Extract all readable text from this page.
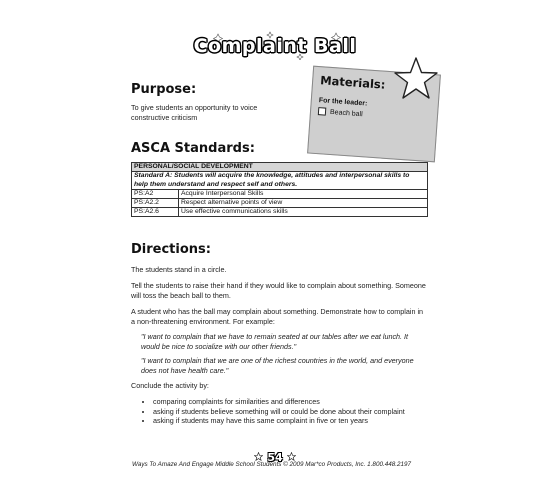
Complaint Ball
Purpose:
To give students an opportunity to voice constructive criticism
Materials:
For the leader:
Beach ball
ASCA Standards:
PERSONAL/SOCIAL DEVELOPMENT	
Standard A: Students will acquire the knowledge, attitudes and interpersonal skills to help them understand and respect self and others.	
PS:A2	Acquire Interpersonal Skills
PS:A2.2	Respect alternative points of view
PS:A2.6	Use effective communications skills
Directions:
The students stand in a circle.
Tell the students to raise their hand if they would like to complain about something. Someone will toss the beach ball to them.
A student who has the ball may complain about something. Demonstrate how to complain in a non-threatening environment. For example:
"I want to complain that we have to remain seated at our tables after we eat lunch. It would be nice to socialize with our other friends."
"I want to complain that we are one of the richest countries in the world, and everyone does not have health care."
Conclude the activity by:
• comparing complaints for similarities and differences
• asking if students believe something will or could be done about their complaint
• asking if students may have this same complaint in five or ten years
54
Ways To Amaze And Engage Middle School Students © 2009 Mar*co Products, Inc. 1.800.448.2197
